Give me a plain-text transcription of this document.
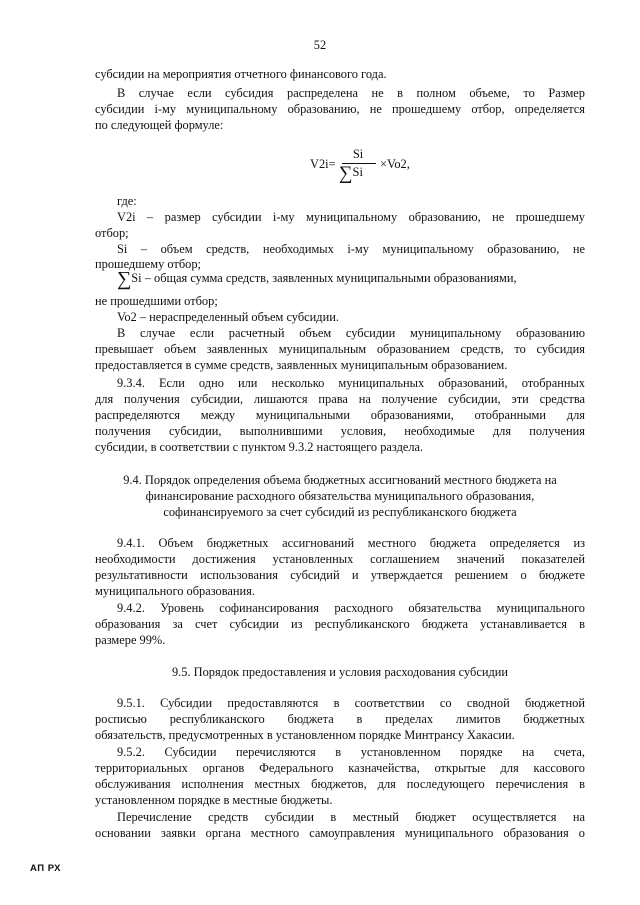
52
субсидии на мероприятия отчетного финансового года.
В случае если субсидия распределена не в полном объеме, то Размер
субсидии i-му муниципальному образованию, не прошедшему отбор, определяется
по следующей формуле:
V2i=
Si
∑Si
×Vo2,
где:
V2i – размер субсидии i-му муниципальному образованию, не прошедшему
отбор;
Si – объем средств, необходимых i-му муниципальному образованию, не
прошедшему отбор;
∑Si – общая сумма средств, заявленных муниципальными образованиями,
не прошедшими отбор;
Vo2 – нераспределенный объем субсидии.
В случае если расчетный объем субсидии муниципальному образованию
превышает объем заявленных муниципальным образованием средств, то субсидия
предоставляется в сумме средств, заявленных муниципальным образованием.
9.3.4. Если одно или несколько муниципальных образований, отобранных
для получения субсидии, лишаются права на получение субсидии, эти средства
распределяются между муниципальными образованиями, отобранными для
получения субсидии, выполнившими условия, необходимые для получения
субсидии, в соответствии с пунктом 9.3.2 настоящего раздела.
9.4. Порядок определения объема бюджетных ассигнований местного бюджета на
финансирование расходного обязательства муниципального образования,
софинансируемого за счет субсидий из республиканского бюджета
9.4.1. Объем бюджетных ассигнований местного бюджета определяется из
необходимости достижения установленных соглашением значений показателей
результативности использования субсидий и утверждается решением о бюджете
муниципального образования.
9.4.2. Уровень софинансирования расходного обязательства муниципального
образования за счет субсидии из республиканского бюджета устанавливается в
размере 99%.
9.5. Порядок предоставления и условия расходования субсидии
9.5.1. Субсидии предоставляются в соответствии со сводной бюджетной
росписью республиканского бюджета в пределах лимитов бюджетных
обязательств, предусмотренных в установленном порядке Минтрансу Хакасии.
9.5.2. Субсидии перечисляются в установленном порядке на счета,
территориальных органов Федерального казначейства, открытые для кассового
обслуживания исполнения местных бюджетов, для последующего перечисления в
установленном порядке в местные бюджеты.
Перечисление средств субсидии в местный бюджет осуществляется на
основании заявки органа местного самоуправления муниципального образования о
АП РХ
